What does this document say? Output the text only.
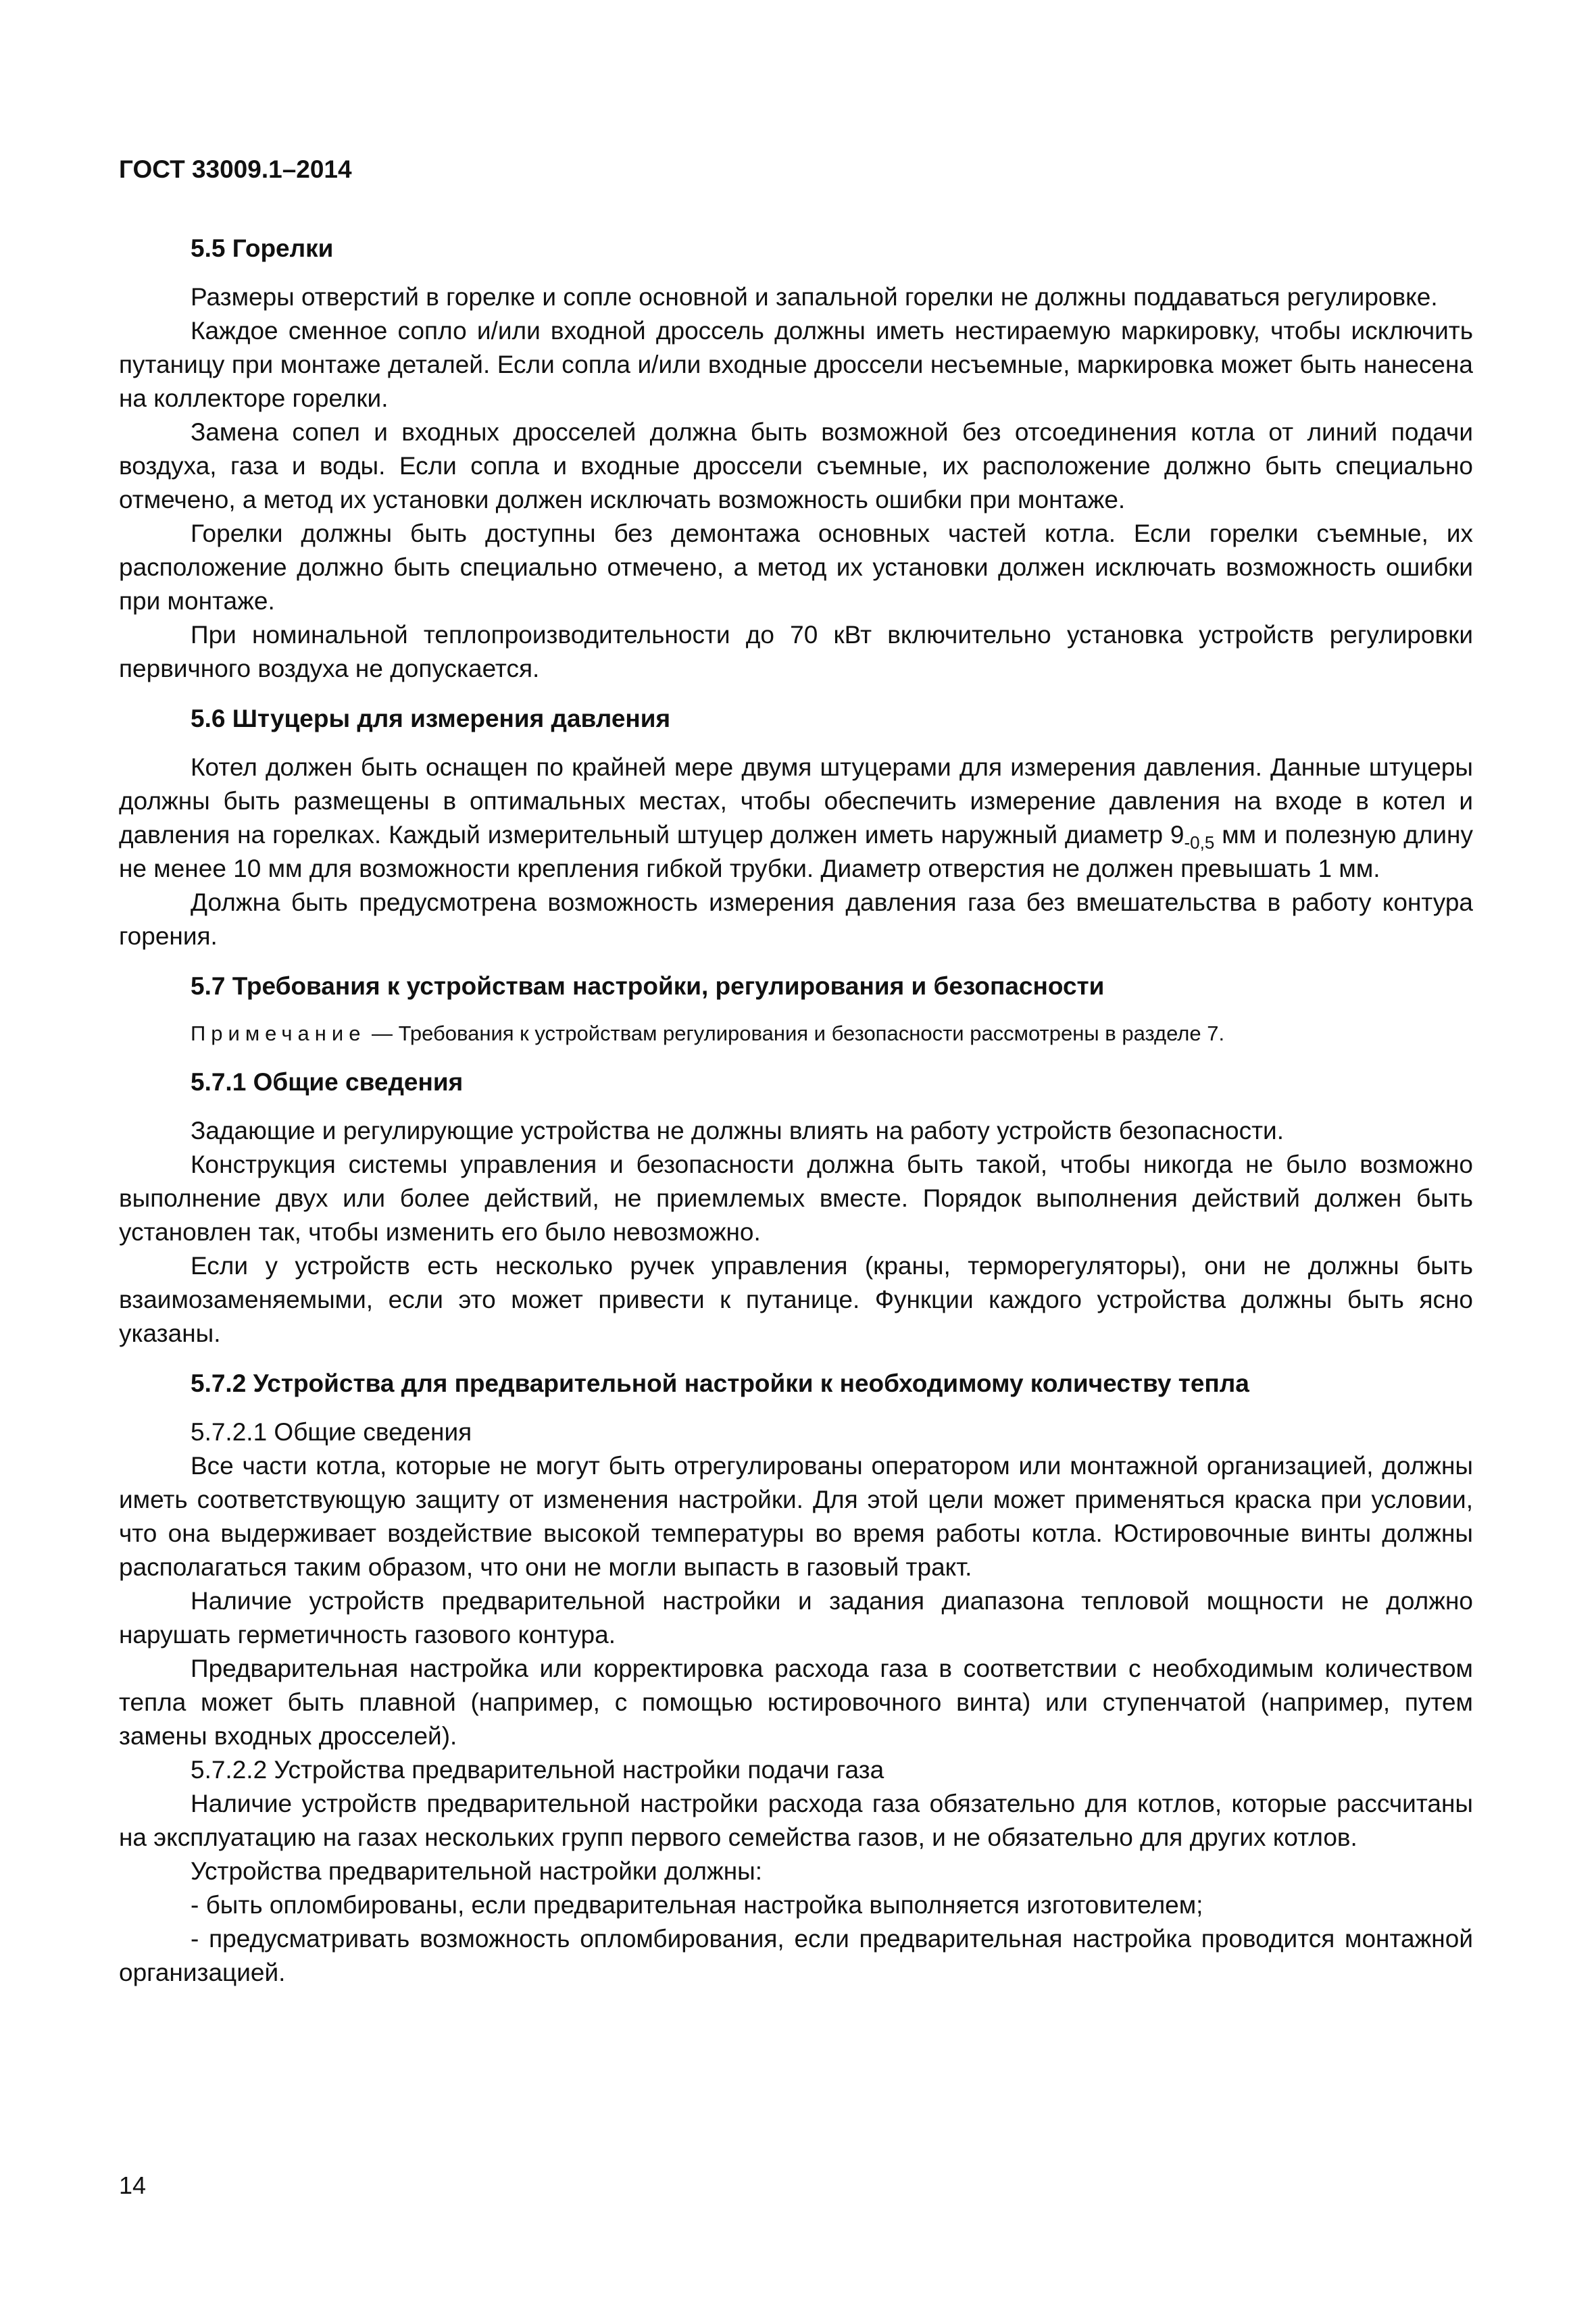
ГОСТ 33009.1–2014
5.5 Горелки
Размеры отверстий в горелке и сопле основной и запальной горелки не должны поддаваться регулировке.
Каждое сменное сопло и/или входной дроссель должны иметь нестираемую маркировку, чтобы исключить путаницу при монтаже деталей. Если сопла и/или входные дроссели несъемные, маркировка может быть нанесена на коллекторе горелки.
Замена сопел и входных дросселей должна быть возможной без отсоединения котла от линий подачи воздуха, газа и воды. Если сопла и входные дроссели съемные, их расположение должно быть специально отмечено, а метод их установки должен исключать возможность ошибки при монтаже.
Горелки должны быть доступны без демонтажа основных частей котла. Если горелки съемные, их расположение должно быть специально отмечено, а метод их установки должен исключать возможность ошибки при монтаже.
При номинальной теплопроизводительности до 70 кВт включительно установка устройств регулировки первичного воздуха не допускается.
5.6 Штуцеры для измерения давления
Котел должен быть оснащен по крайней мере двумя штуцерами для измерения давления. Данные штуцеры должны быть размещены в оптимальных местах, чтобы обеспечить измерение давления на входе в котел и давления на горелках. Каждый измерительный штуцер должен иметь наружный диаметр $9_{-0,5}$ мм и полезную длину не менее 10 мм для возможности крепления гибкой трубки. Диаметр отверстия не должен превышать 1 мм.
Должна быть предусмотрена возможность измерения давления газа без вмешательства в работу контура горения.
5.7 Требования к устройствам настройки, регулирования и безопасности
Примечание — Требования к устройствам регулирования и безопасности рассмотрены в разделе 7.
5.7.1 Общие сведения
Задающие и регулирующие устройства не должны влиять на работу устройств безопасности.
Конструкция системы управления и безопасности должна быть такой, чтобы никогда не было возможно выполнение двух или более действий, не приемлемых вместе. Порядок выполнения действий должен быть установлен так, чтобы изменить его было невозможно.
Если у устройств есть несколько ручек управления (краны, терморегуляторы), они не должны быть взаимозаменяемыми, если это может привести к путанице. Функции каждого устройства должны быть ясно указаны.
5.7.2 Устройства для предварительной настройки к необходимому количеству тепла
5.7.2.1 Общие сведения
Все части котла, которые не могут быть отрегулированы оператором или монтажной организацией, должны иметь соответствующую защиту от изменения настройки. Для этой цели может применяться краска при условии, что она выдерживает воздействие высокой температуры во время работы котла. Юстировочные винты должны располагаться таким образом, что они не могли выпасть в газовый тракт.
Наличие устройств предварительной настройки и задания диапазона тепловой мощности не должно нарушать герметичность газового контура.
Предварительная настройка или корректировка расхода газа в соответствии с необходимым количеством тепла может быть плавной (например, с помощью юстировочного винта) или ступенчатой (например, путем замены входных дросселей).
5.7.2.2 Устройства предварительной настройки подачи газа
Наличие устройств предварительной настройки расхода газа обязательно для котлов, которые рассчитаны на эксплуатацию на газах нескольких групп первого семейства газов, и не обязательно для других котлов.
Устройства предварительной настройки должны:
- быть опломбированы, если предварительная настройка выполняется изготовителем;
- предусматривать возможность опломбирования, если предварительная настройка проводится монтажной организацией.
14
